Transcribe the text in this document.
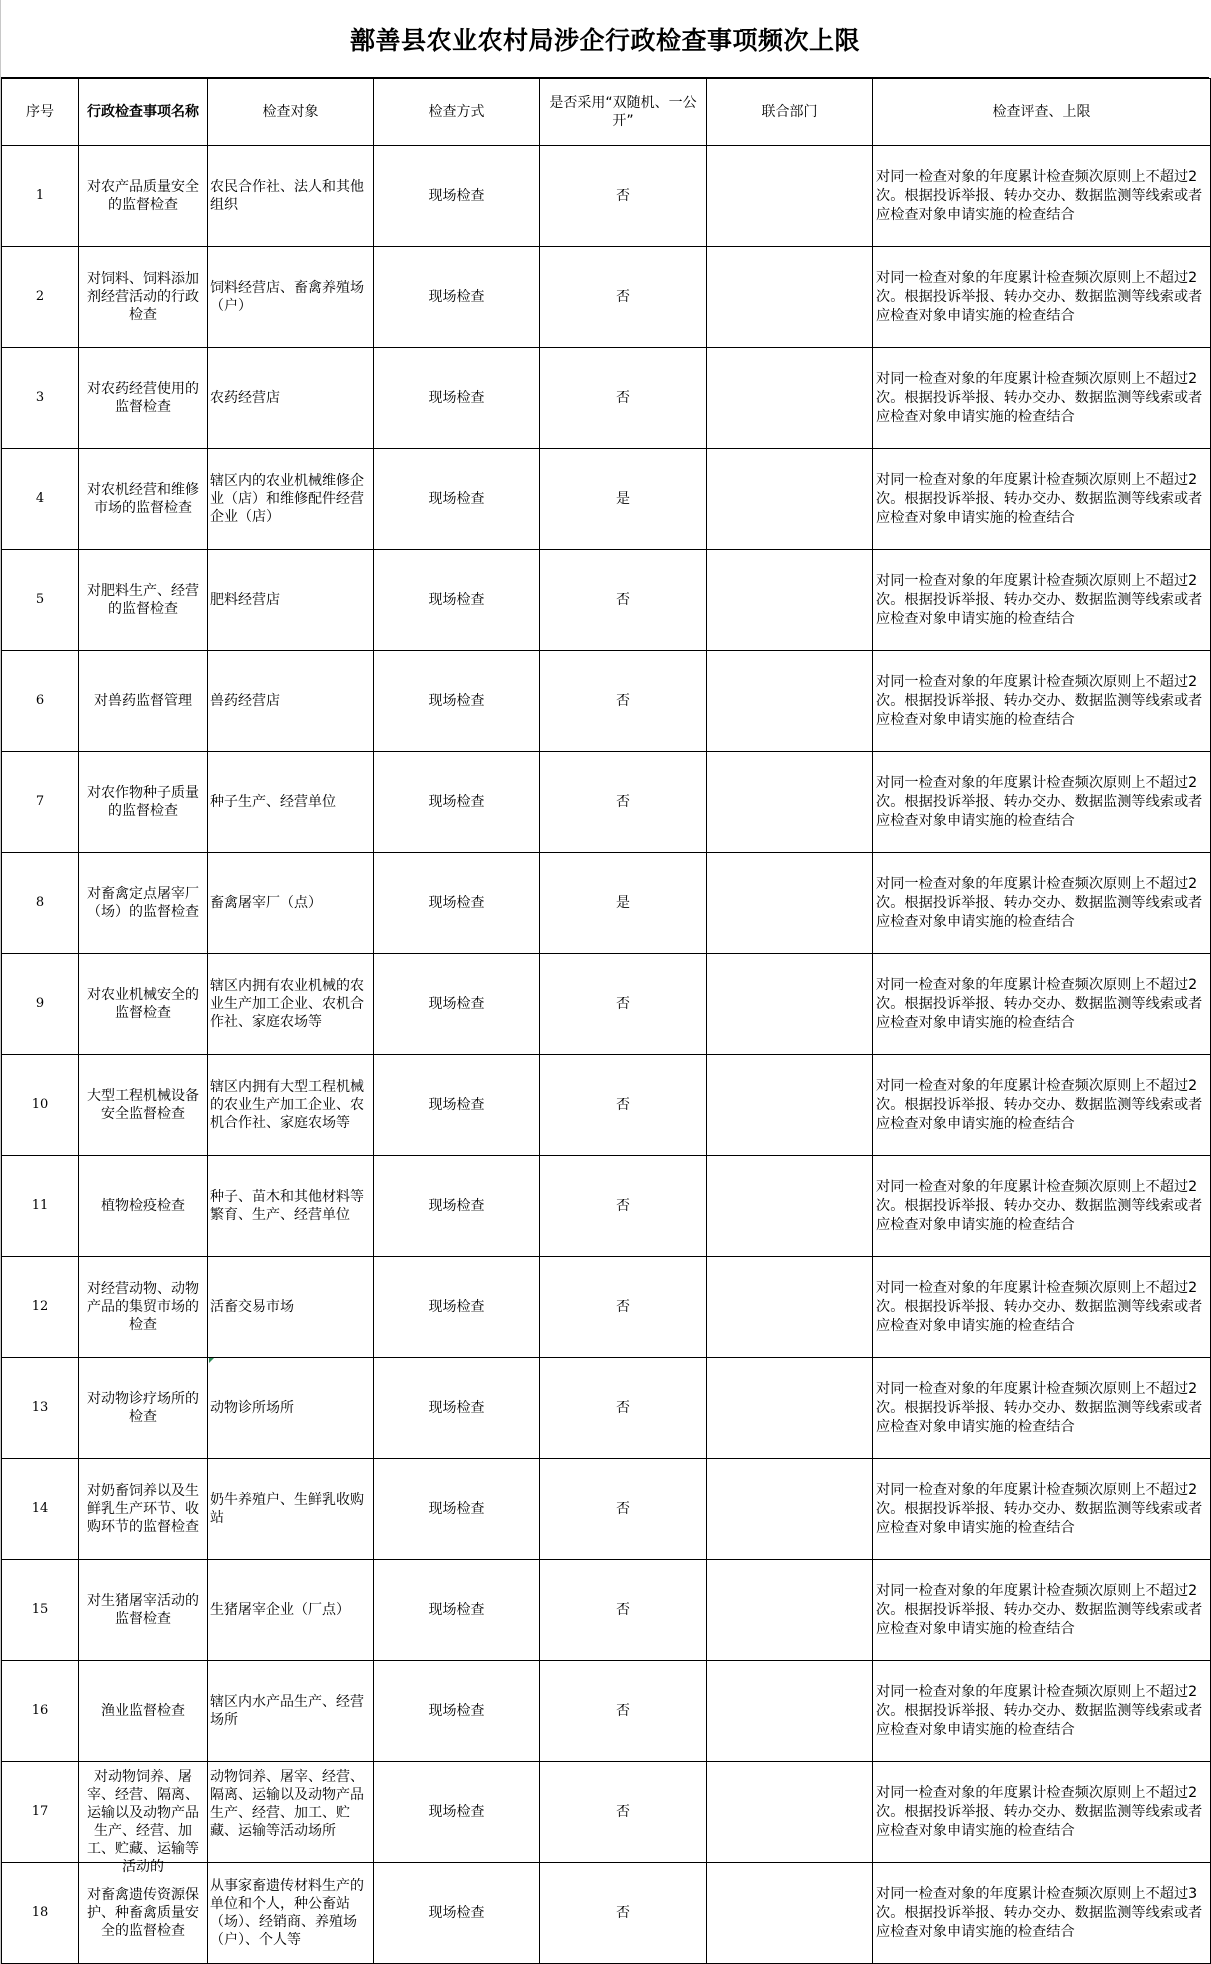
鄯善县农业农村局涉企行政检查事项频次上限
序号	行政检查事项名称	检查对象	检查方式	是否采用“双随机、一公开”	联合部门	检查评查、上限
1	对农产品质量安全的监督检查	农民合作社、法人和其他组织	现场检查	否		对同一检查对象的年度累计检查频次原则上不超过2次。根据投诉举报、转办交办、数据监测等线索或者应检查对象申请实施的检查结合
2	对饲料、饲料添加剂经营活动的行政检查	饲料经营店、畜禽养殖场（户）	现场检查	否		对同一检查对象的年度累计检查频次原则上不超过2次。根据投诉举报、转办交办、数据监测等线索或者应检查对象申请实施的检查结合
3	对农药经营使用的监督检查	农药经营店	现场检查	否		对同一检查对象的年度累计检查频次原则上不超过2次。根据投诉举报、转办交办、数据监测等线索或者应检查对象申请实施的检查结合
4	对农机经营和维修市场的监督检查	辖区内的农业机械维修企业（店）和维修配件经营企业（店）	现场检查	是		对同一检查对象的年度累计检查频次原则上不超过2次。根据投诉举报、转办交办、数据监测等线索或者应检查对象申请实施的检查结合
5	对肥料生产、经营的监督检查	肥料经营店	现场检查	否		对同一检查对象的年度累计检查频次原则上不超过2次。根据投诉举报、转办交办、数据监测等线索或者应检查对象申请实施的检查结合
6	对兽药监督管理	兽药经营店	现场检查	否		对同一检查对象的年度累计检查频次原则上不超过2次。根据投诉举报、转办交办、数据监测等线索或者应检查对象申请实施的检查结合
7	对农作物种子质量的监督检查	种子生产、经营单位	现场检查	否		对同一检查对象的年度累计检查频次原则上不超过2次。根据投诉举报、转办交办、数据监测等线索或者应检查对象申请实施的检查结合
8	对畜禽定点屠宰厂（场）的监督检查	畜禽屠宰厂（点）	现场检查	是		对同一检查对象的年度累计检查频次原则上不超过2次。根据投诉举报、转办交办、数据监测等线索或者应检查对象申请实施的检查结合
9	对农业机械安全的监督检查	辖区内拥有农业机械的农业生产加工企业、农机合作社、家庭农场等	现场检查	否		对同一检查对象的年度累计检查频次原则上不超过2次。根据投诉举报、转办交办、数据监测等线索或者应检查对象申请实施的检查结合
10	大型工程机械设备安全监督检查	辖区内拥有大型工程机械的农业生产加工企业、农机合作社、家庭农场等	现场检查	否		对同一检查对象的年度累计检查频次原则上不超过2次。根据投诉举报、转办交办、数据监测等线索或者应检查对象申请实施的检查结合
11	植物检疫检查	种子、苗木和其他材料等繁育、生产、经营单位	现场检查	否		对同一检查对象的年度累计检查频次原则上不超过2次。根据投诉举报、转办交办、数据监测等线索或者应检查对象申请实施的检查结合
12	对经营动物、动物产品的集贸市场的检查	活畜交易市场	现场检查	否		对同一检查对象的年度累计检查频次原则上不超过2次。根据投诉举报、转办交办、数据监测等线索或者应检查对象申请实施的检查结合
13	对动物诊疗场所的检查	动物诊所场所	现场检查	否		对同一检查对象的年度累计检查频次原则上不超过2次。根据投诉举报、转办交办、数据监测等线索或者应检查对象申请实施的检查结合
14	对奶畜饲养以及生鲜乳生产环节、收购环节的监督检查	奶牛养殖户、生鲜乳收购站	现场检查	否		对同一检查对象的年度累计检查频次原则上不超过2次。根据投诉举报、转办交办、数据监测等线索或者应检查对象申请实施的检查结合
15	对生猪屠宰活动的监督检查	生猪屠宰企业（厂点）	现场检查	否		对同一检查对象的年度累计检查频次原则上不超过2次。根据投诉举报、转办交办、数据监测等线索或者应检查对象申请实施的检查结合
16	渔业监督检查	辖区内水产品生产、经营场所	现场检查	否		对同一检查对象的年度累计检查频次原则上不超过2次。根据投诉举报、转办交办、数据监测等线索或者应检查对象申请实施的检查结合
17	对动物饲养、屠宰、经营、隔离、运输以及动物产品生产、经营、加工、贮藏、运输等活动的	动物饲养、屠宰、经营、隔离、运输以及动物产品生产、经营、加工、贮藏、运输等活动场所	现场检查	否		对同一检查对象的年度累计检查频次原则上不超过2次。根据投诉举报、转办交办、数据监测等线索或者应检查对象申请实施的检查结合
18	对畜禽遗传资源保护、种畜禽质量安全的监督检查	从事家畜遗传材料生产的单位和个人，种公畜站（场）、经销商、养殖场（户）、个人等	现场检查	否		对同一检查对象的年度累计检查频次原则上不超过3次。根据投诉举报、转办交办、数据监测等线索或者应检查对象申请实施的检查结合
